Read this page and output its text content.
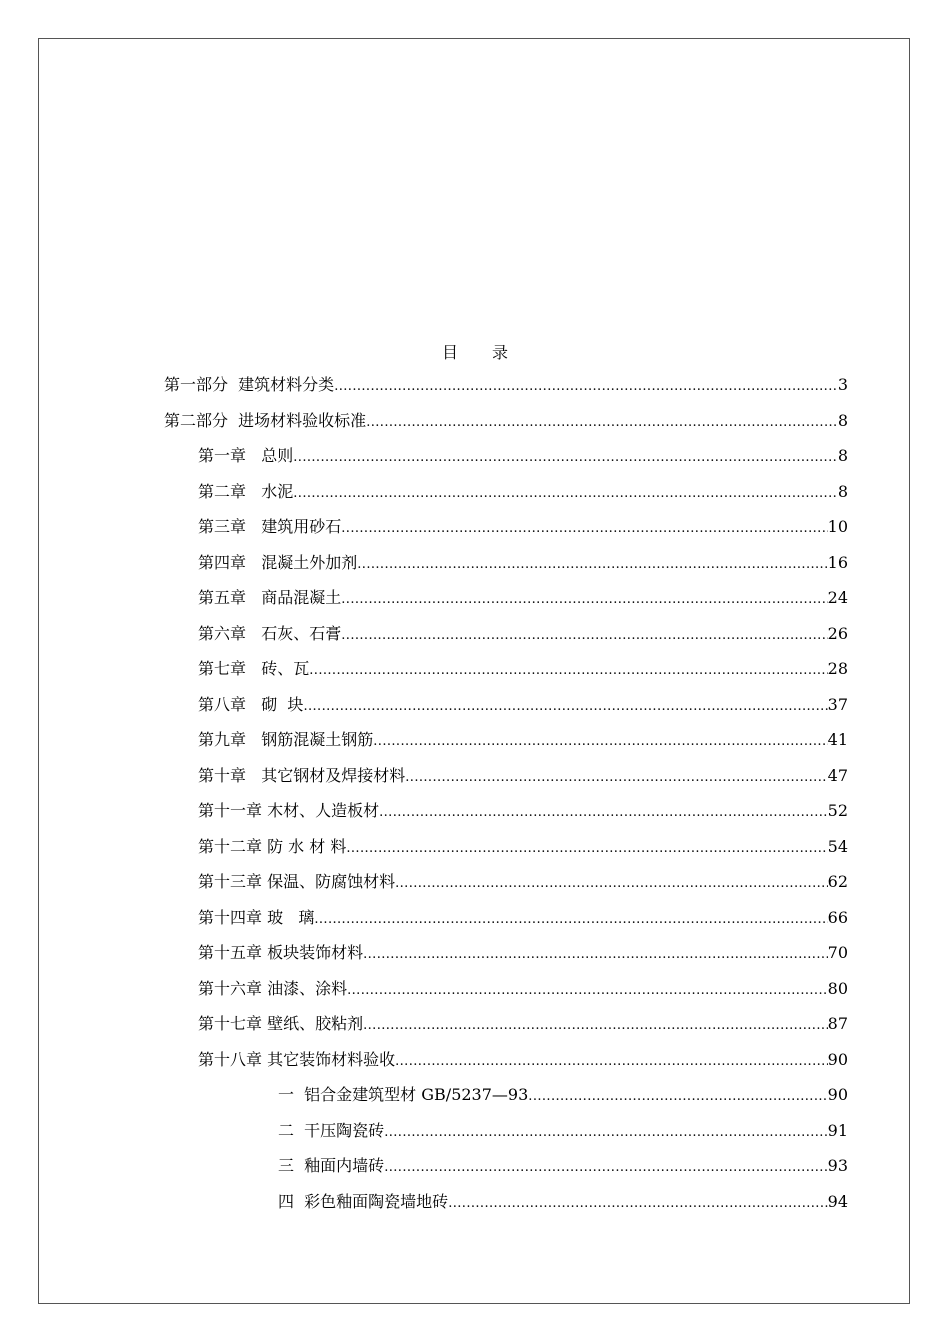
目 录
第一部分  建筑材料分类 .....	3
第二部分  进场材料验收标准 .....	8
第一章   总则 .....	8
第二章   水泥 .....	8
第三章   建筑用砂石 .....	10
第四章   混凝土外加剂 .....	16
第五章   商品混凝土 .....	24
第六章   石灰、石膏 .....	26
第七章   砖、瓦 .....	28
第八章   砌  块 .....	37
第九章   钢筋混凝土钢筋 .....	41
第十章   其它钢材及焊接材料 .....	47
第十一章 木材、人造板材 .....	52
第十二章 防 水 材 料 .....	54
第十三章 保温、防腐蚀材料 .....	62
第十四章 玻   璃 .....	66
第十五章 板块装饰材料 .....	70
第十六章 油漆、涂料 .....	80
第十七章 壁纸、胶粘剂 .....	87
第十八章 其它装饰材料验收 .....	90
一  铝合金建筑型材 GB/5237—93 .....	90
二  干压陶瓷砖 .....	91
三  釉面内墙砖 .....	93
四  彩色釉面陶瓷墙地砖 .....	94
